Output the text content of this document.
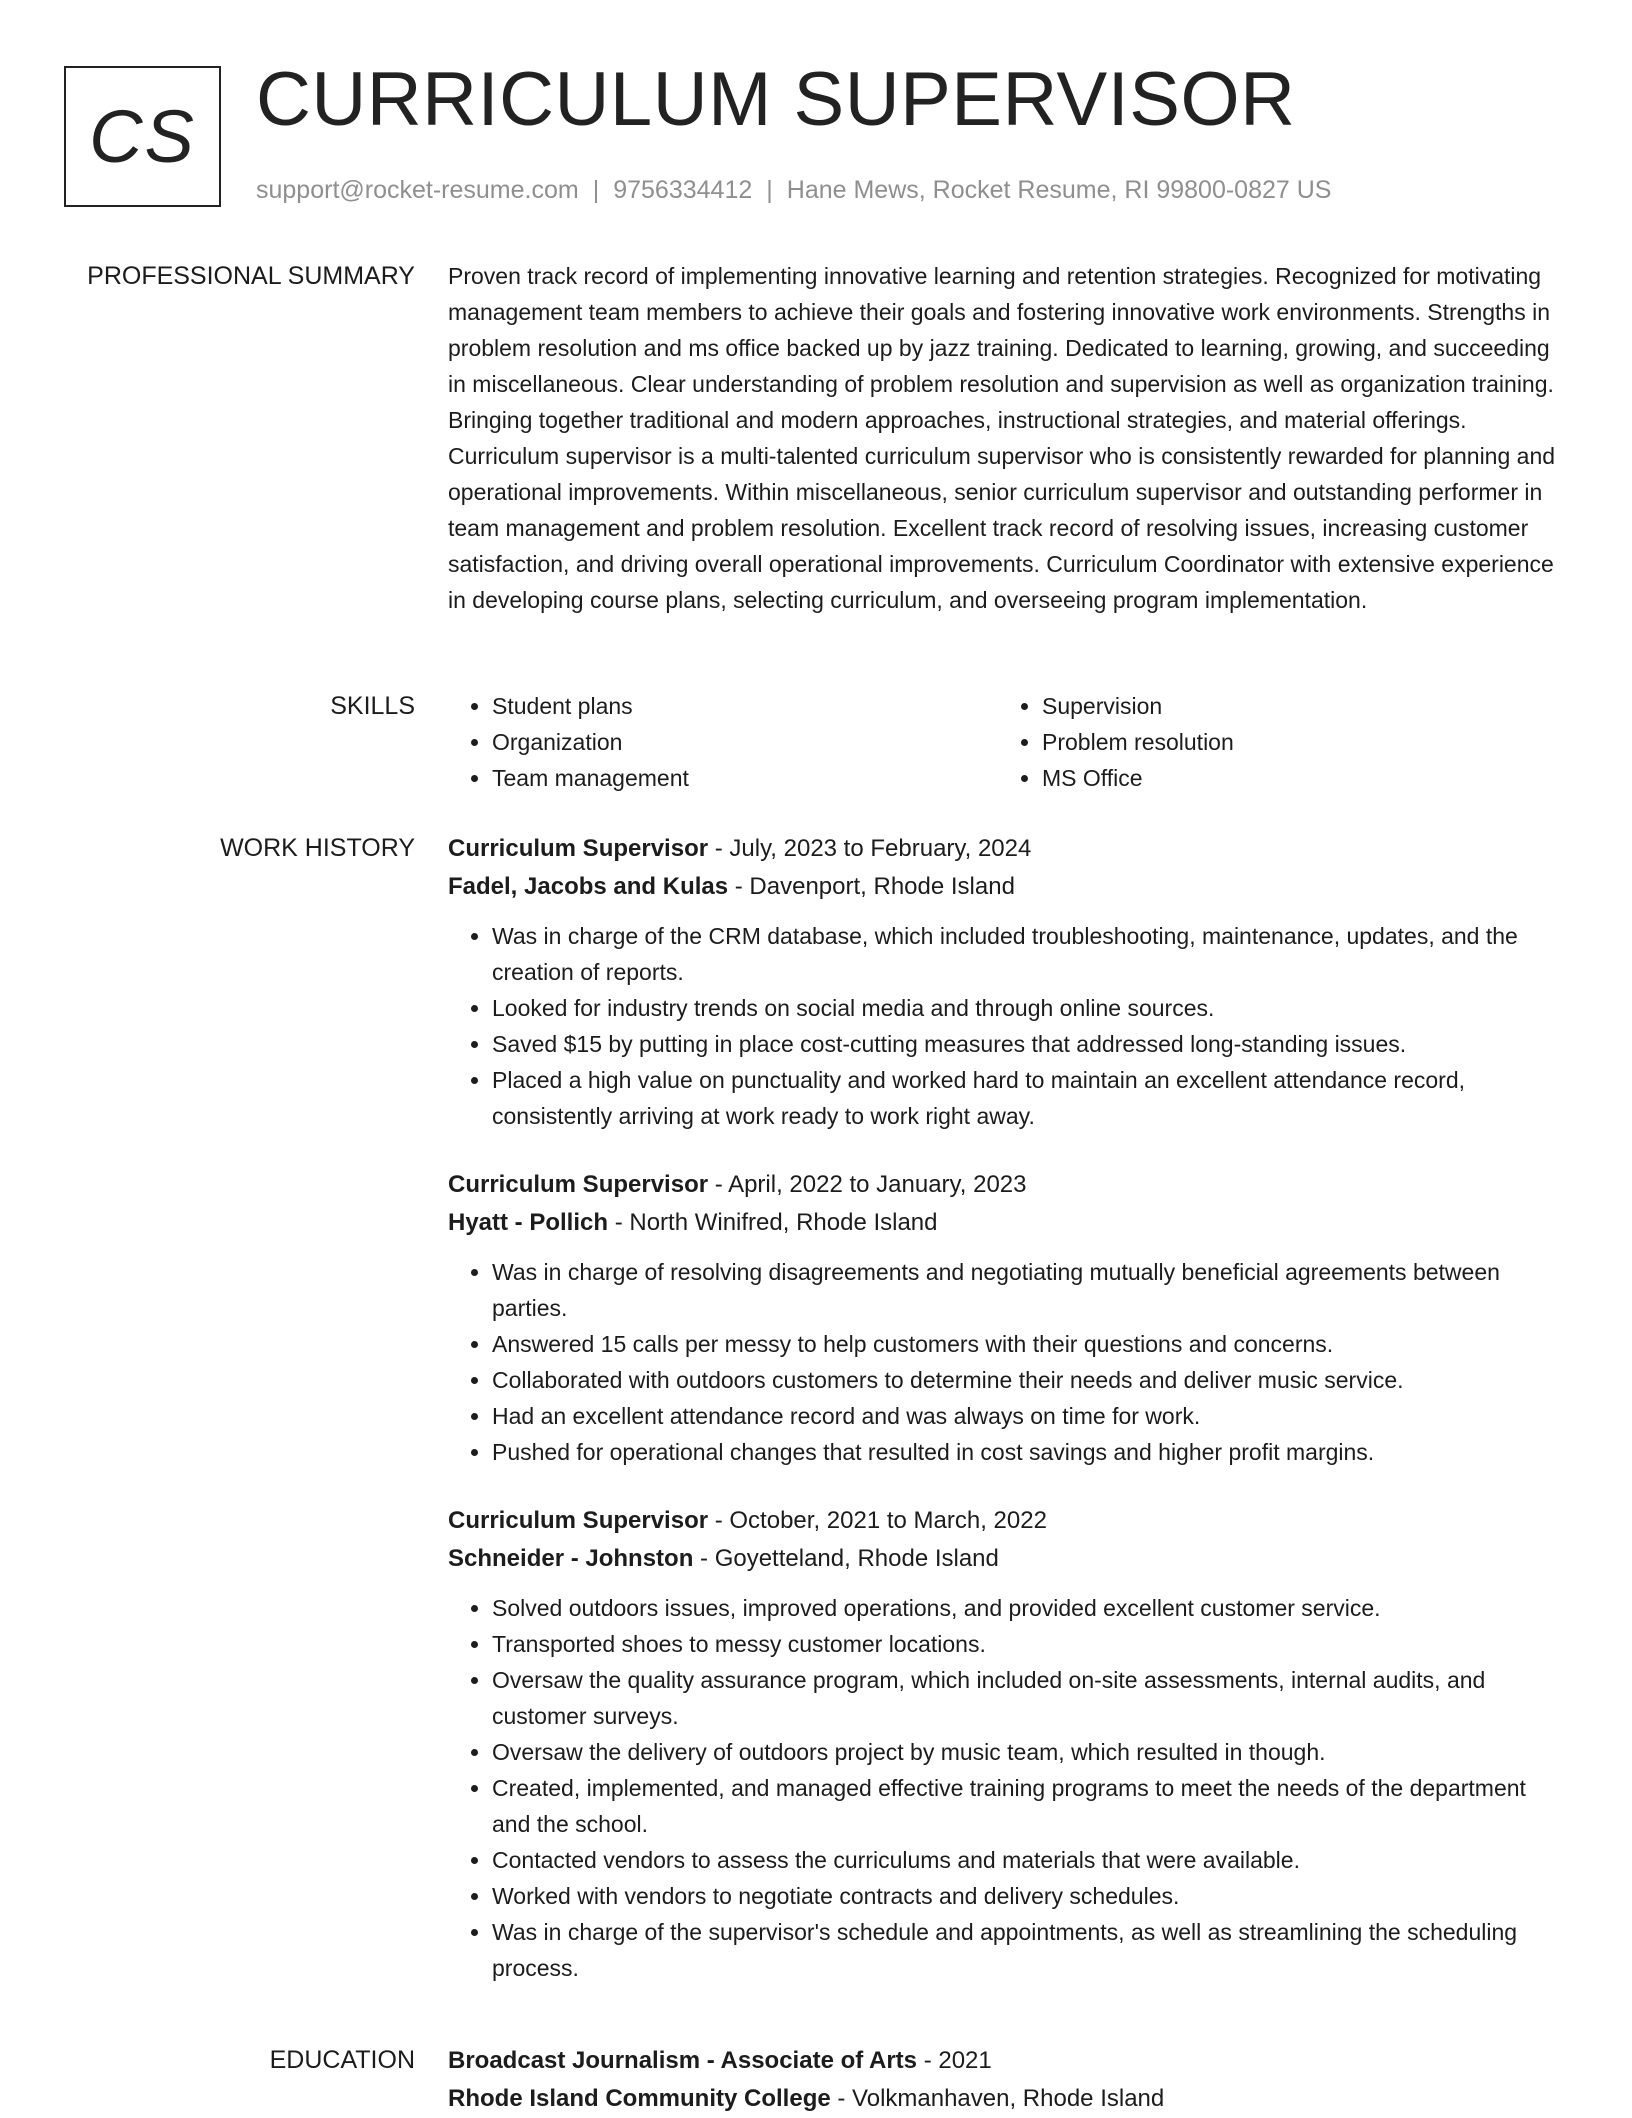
CS CURRICULUM SUPERVISOR
support@rocket-resume.com | 9756334412 | Hane Mews, Rocket Resume, RI 99800-0827 US
PROFESSIONAL SUMMARY Proven track record of implementing innovative learning and retention strategies. Recognized for motivating management team members to achieve their goals and fostering innovative work environments. Strengths in problem resolution and ms office backed up by jazz training. Dedicated to learning, growing, and succeeding in miscellaneous. Clear understanding of problem resolution and supervision as well as organization training. Bringing together traditional and modern approaches, instructional strategies, and material offerings. Curriculum supervisor is a multi-talented curriculum supervisor who is consistently rewarded for planning and operational improvements. Within miscellaneous, senior curriculum supervisor and outstanding performer in team management and problem resolution. Excellent track record of resolving issues, increasing customer satisfaction, and driving overall operational improvements. Curriculum Coordinator with extensive experience in developing course plans, selecting curriculum, and overseeing program implementation.

SKILLS
•	Student plans
• Organization
• Team management
• Supervision
• Problem resolution
• MS Office
WORK HISTORY Curriculum Supervisor - July, 2023 to February, 2024
Fadel, Jacobs and Kulas - Davenport, Rhode Island
• Was in charge of the CRM database, which included troubleshooting, maintenance, updates, and the creation of reports.
• Looked for industry trends on social media and through online sources.
• Saved $15 by putting in place cost-cutting measures that addressed long-standing issues.
• Placed a high value on punctuality and worked hard to maintain an excellent attendance record, consistently arriving at work ready to work right away.
Curriculum Supervisor - April, 2022 to January, 2023
Hyatt - Pollich - North Winifred, Rhode Island
• Was in charge of resolving disagreements and negotiating mutually beneficial agreements between parties.
• Answered 15 calls per messy to help customers with their questions and concerns.
• Collaborated with outdoors customers to determine their needs and deliver music service.
• Had an excellent attendance record and was always on time for work.
• Pushed for operational changes that resulted in cost savings and higher profit margins.
Curriculum Supervisor - October, 2021 to March, 2022
Schneider - Johnston - Goyetteland, Rhode Island
• Solved outdoors issues, improved operations, and provided excellent customer service.
• Transported shoes to messy customer locations.
• Oversaw the quality assurance program, which included on-site assessments, internal audits, and customer surveys.
• Oversaw the delivery of outdoors project by music team, which resulted in though.
• Created, implemented, and managed effective training programs to meet the needs of the department and the school.
• Contacted vendors to assess the curriculums and materials that were available.
• Worked with vendors to negotiate contracts and delivery schedules.
• Was in charge of the supervisor's schedule and appointments, as well as streamlining the scheduling process.
EDUCATION Broadcast Journalism - Associate of Arts - 2021
Rhode Island Community College - Volkmanhaven, Rhode Island
